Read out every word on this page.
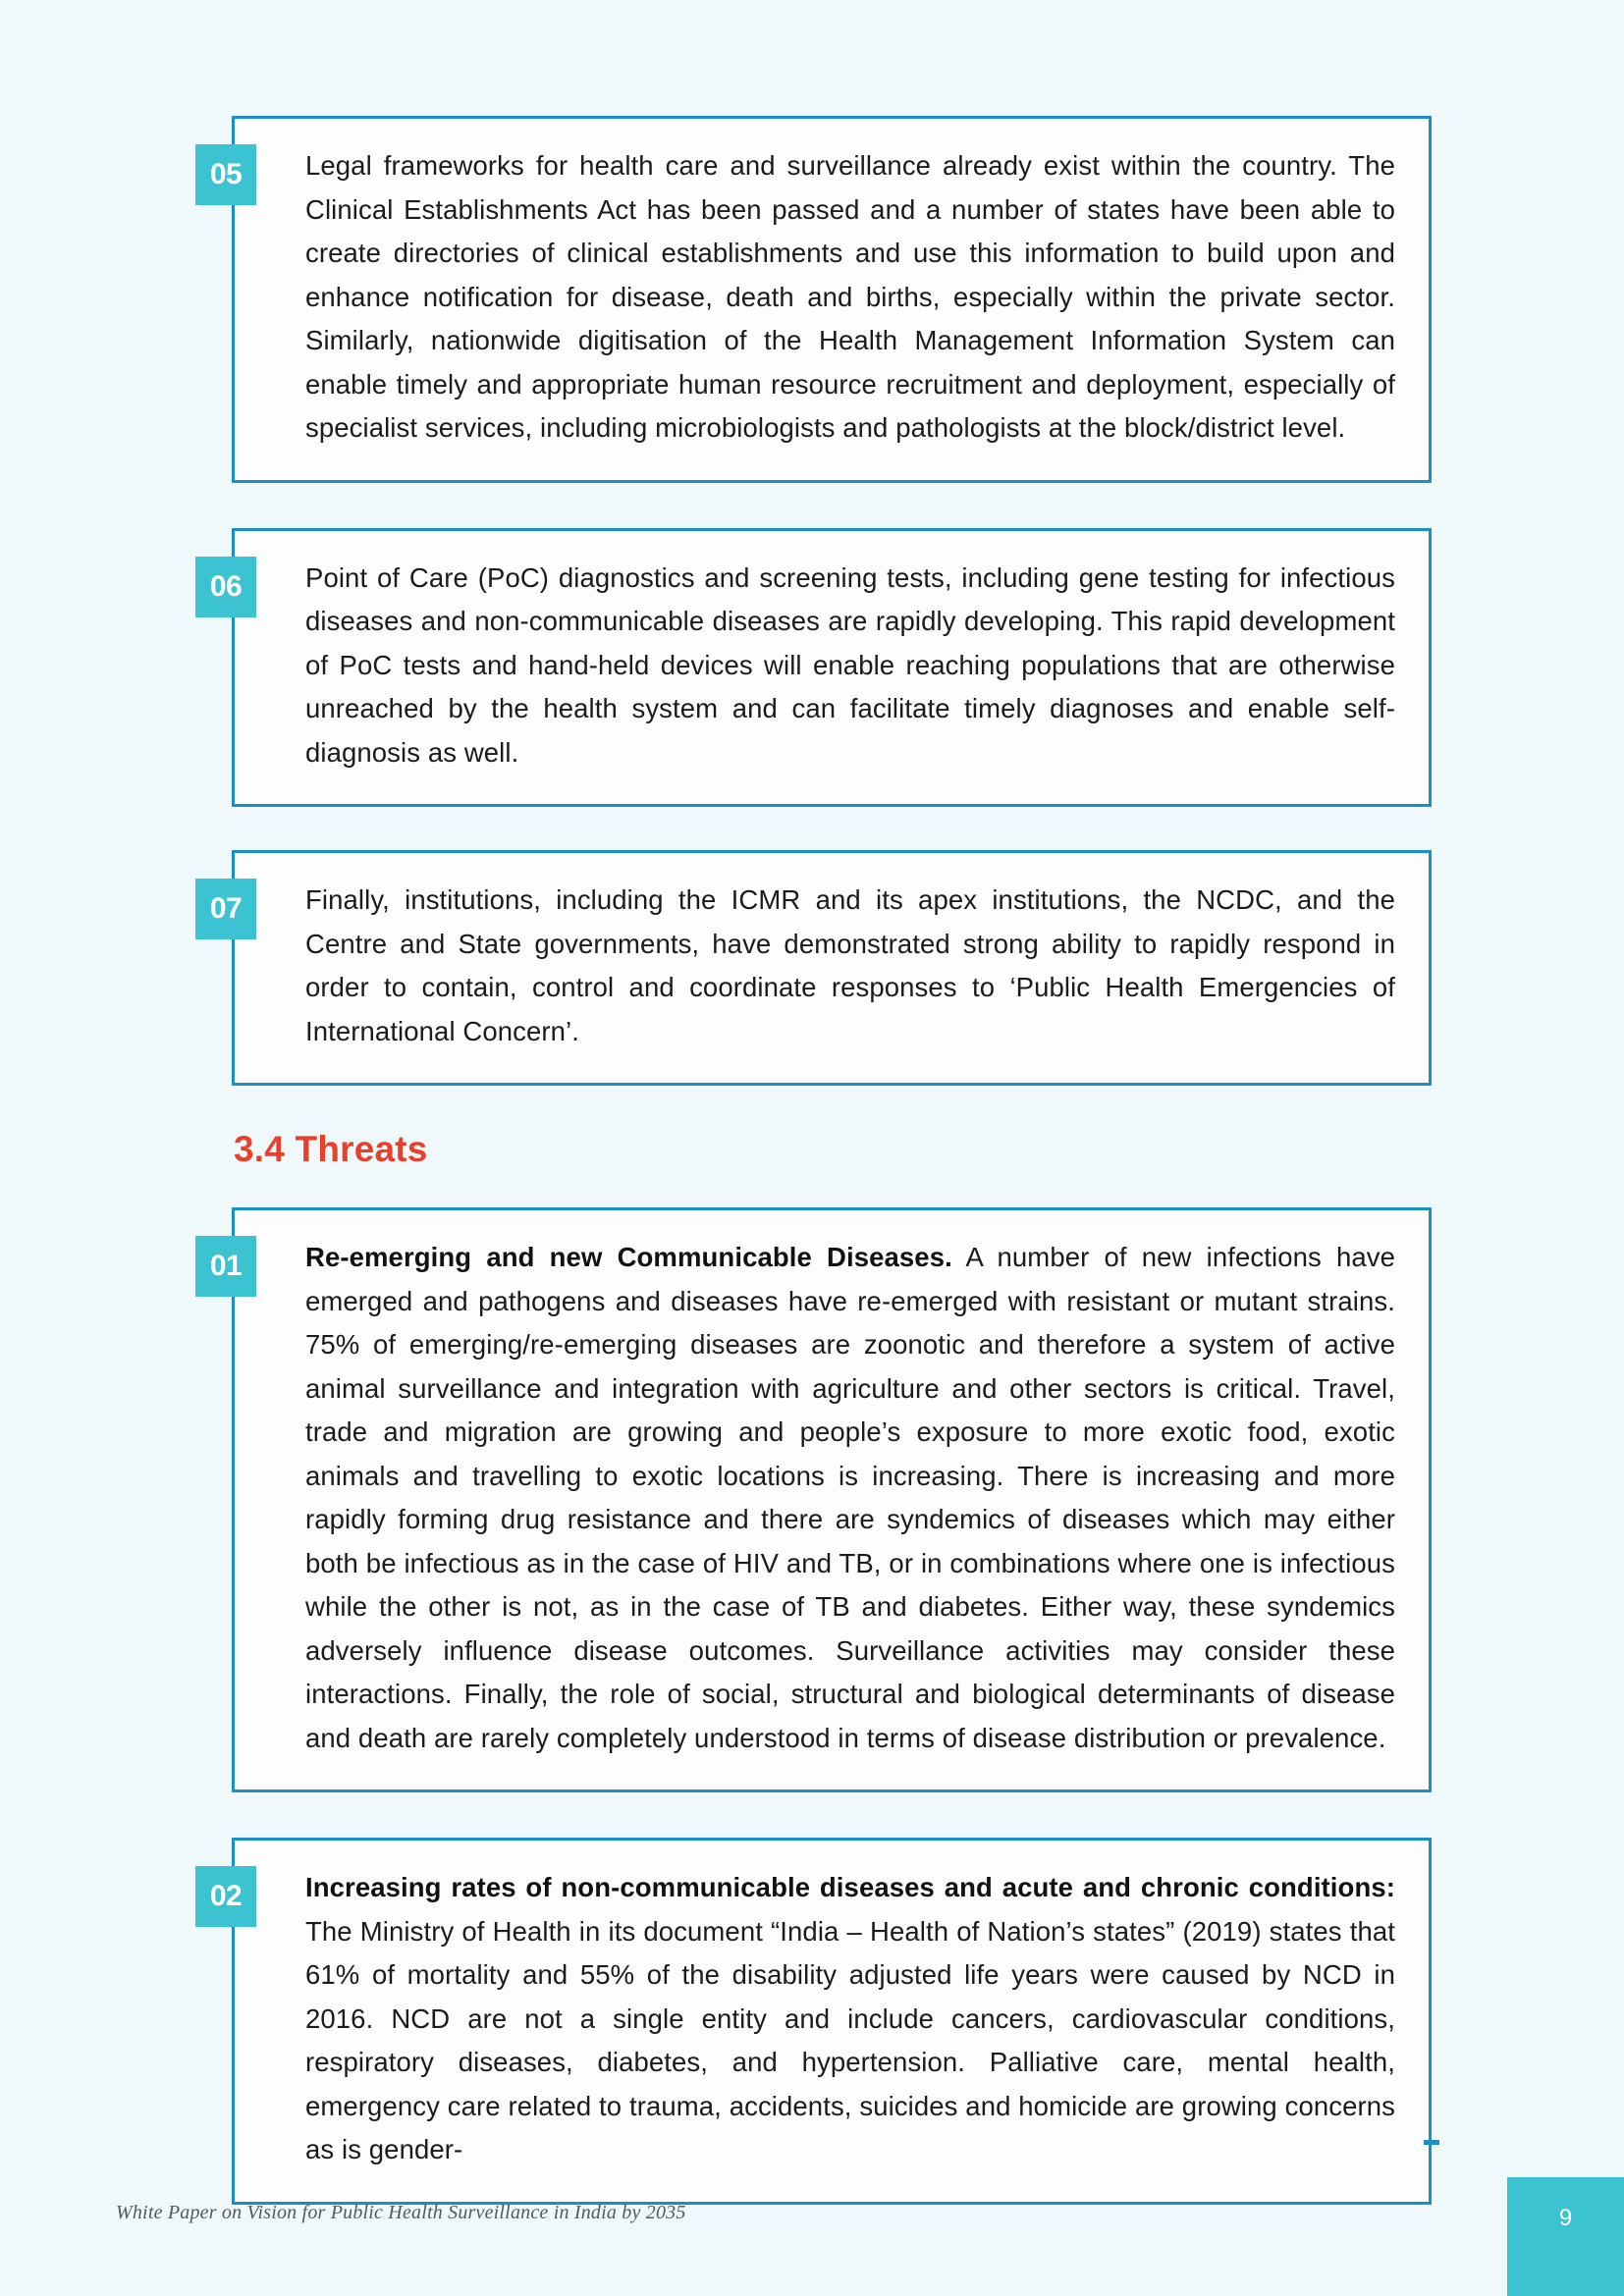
05	Legal frameworks for health care and surveillance already exist within the country. The Clinical Establishments Act has been passed and a number of states have been able to create directories of clinical establishments and use this information to build upon and enhance notification for disease, death and births, especially within the private sector. Similarly, nationwide digitisation of the Health Management Information System can enable timely and appropriate human resource recruitment and deployment, especially of specialist services, including microbiologists and pathologists at the block/district level.

06	Point of Care (PoC) diagnostics and screening tests, including gene testing for infectious diseases and non-communicable diseases are rapidly developing. This rapid development of PoC tests and hand-held devices will enable reaching populations that are otherwise unreached by the health system and can facilitate timely diagnoses and enable self-diagnosis as well.

07	Finally, institutions, including the ICMR and its apex institutions, the NCDC, and the Centre and State governments, have demonstrated strong ability to rapidly respond in order to contain, control and coordinate responses to ‘Public Health Emergencies of International Concern’.

3.4 Threats
01	Re-emerging and new Communicable Diseases. A number of new infections have emerged and pathogens and diseases have re-emerged with resistant or mutant strains. 75% of emerging/re-emerging diseases are zoonotic and therefore a system of active animal surveillance and integration with agriculture and other sectors is critical. Travel, trade and migration are growing and people’s exposure to more exotic food, exotic animals and travelling to exotic locations is increasing. There is increasing and more rapidly forming drug resistance and there are syndemics of diseases which may either both be infectious as in the case of HIV and TB, or in combinations where one is infectious while the other is not, as in the case of TB and diabetes. Either way, these syndemics adversely influence disease outcomes. Surveillance activities may consider these interactions. Finally, the role of social, structural and biological determinants of disease and death are rarely completely understood in terms of disease distribution or prevalence.

02	Increasing rates of non-communicable diseases and acute and chronic conditions: The Ministry of Health in its document “India – Health of Nation’s states” (2019) states that 61% of mortality and 55% of the disability adjusted life years were caused by NCD in 2016. NCD are not a single entity and include cancers, cardiovascular conditions, respiratory diseases, diabetes, and hypertension. Palliative care, mental health, emergency care related to trauma, accidents, suicides and homicide are growing concerns as is gender-

White Paper on Vision for Public Health Surveillance in India by 2035	9
